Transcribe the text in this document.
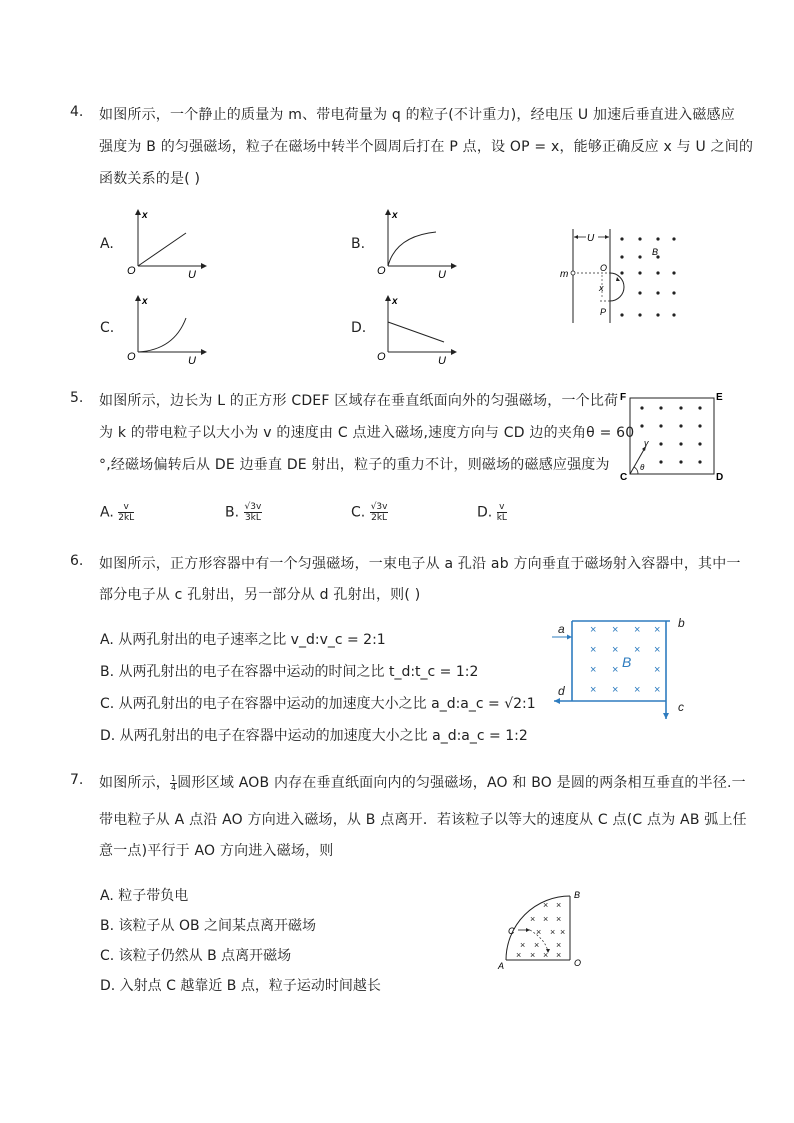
4. 如图所示，一个静止的质量为 m、带电荷量为 q 的粒子(不计重力)，经电压 U 加速后垂直进入磁感应
强度为 B 的匀强磁场，粒子在磁场中转半个圆周后打在 P 点，设 OP = x，能够正确反应 x 与 U 之间的
函数关系的是( )
A.	B.
C.	D.
x
O	U
x
O	U
x
O	U
x
O	U
U
m
O
x
P
B
5. 如图所示，边长为 L 的正方形 CDEF 区域存在垂直纸面向外的匀强磁场，一个比荷
为 k 的带电粒子以大小为 v 的速度由 C 点进入磁场,速度方向与 CD 边的夹角θ = 60
°,经磁场偏转后从 DE 边垂直 DE 射出，粒子的重力不计，则磁场的磁感应强度为
A. $\frac{v}{2kL}$	B. $\frac{√3v}{3kL}$	C. $\frac{√3v}{2kL}$	D. $\frac{v}{kL}$
F	E
C	D
v
θ
6. 如图所示，正方形容器中有一个匀强磁场，一束电子从 a 孔沿 ab 方向垂直于磁场射入容器中，其中一
部分电子从 c 孔射出，另一部分从 d 孔射出，则( )
A. 从两孔射出的电子速率之比 v_d:v_c = 2:1
B. 从两孔射出的电子在容器中运动的时间之比 t_d:t_c = 1:2
C. 从两孔射出的电子在容器中运动的加速度大小之比 a_d:a_c = √2:1
D. 从两孔射出的电子在容器中运动的加速度大小之比 a_d:a_c = 1:2
a	b
d
c
× × × ×
× × × ×
× ×	×
× × × ×
B
7. 如图所示， $\frac{1}{4}$ 圆形区域 AOB 内存在垂直纸面向内的匀强磁场，AO 和 BO 是圆的两条相互垂直的半径.一
带电粒子从 A 点沿 AO 方向进入磁场，从 B 点离开．若该粒子以等大的速度从 C 点(C 点为 AB 弧上任
意一点)平行于 AO 方向进入磁场，则
A. 粒子带负电
B. 该粒子从 OB 之间某点离开磁场
C. 该粒子仍然从 B 点离开磁场
D. 入射点 C 越靠近 B 点，粒子运动时间越长
A	O
B
C
× ×
× × ×
× × ×
× × ×
× × × ×
